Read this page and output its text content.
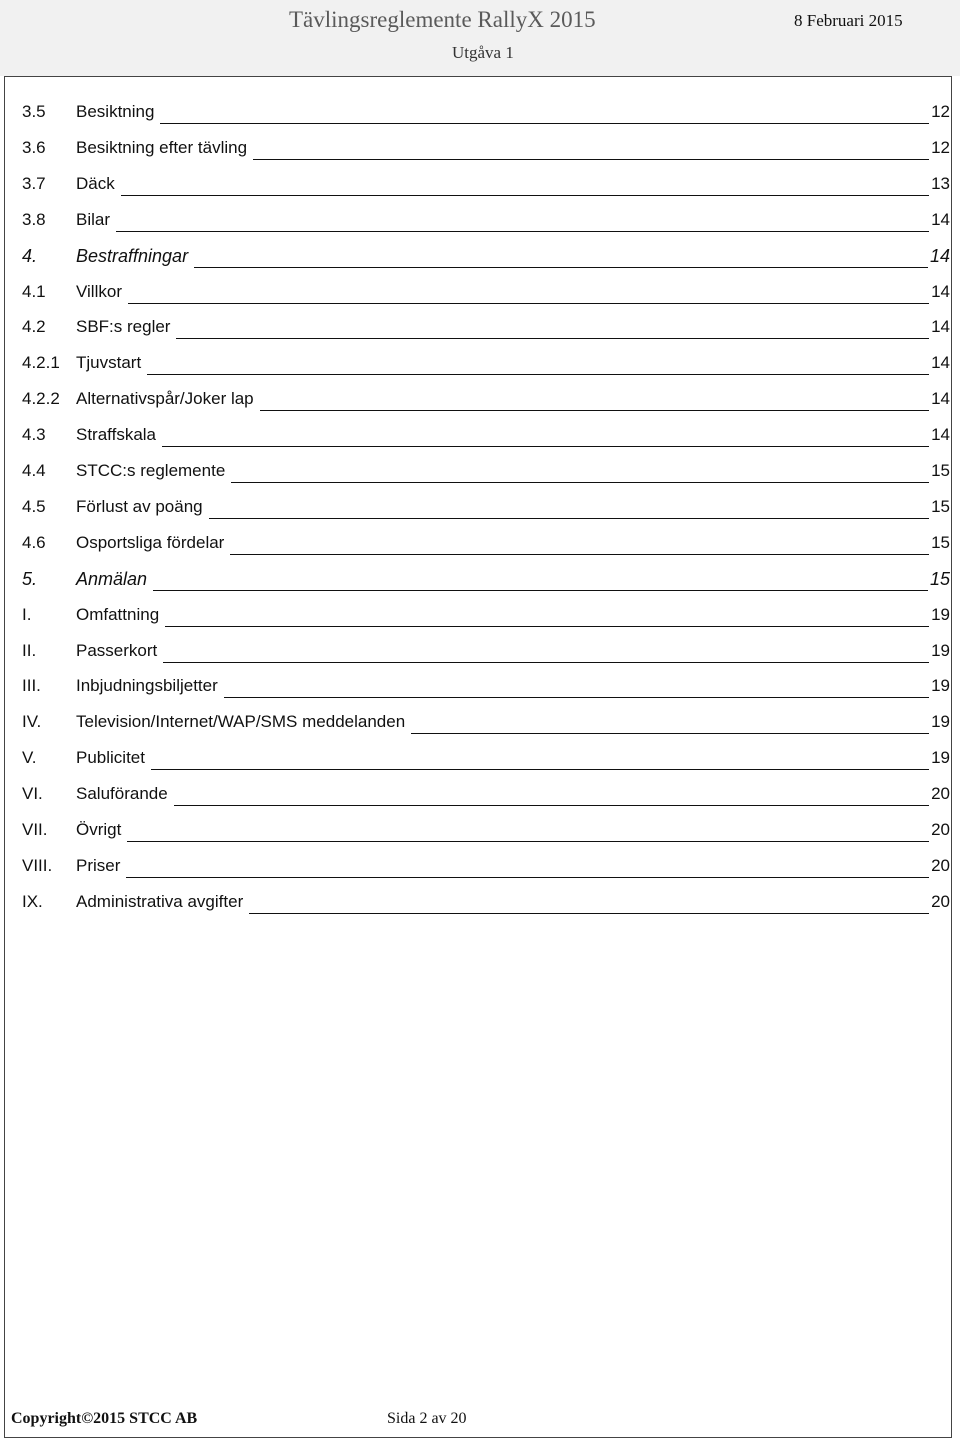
Tävlingsreglemente RallyX 2015	8 Februari 2015
Utgåva 1
3.5 Besiktning	12
3.6 Besiktning efter tävling	12
3.7 Däck	13
3.8 Bilar	14
4. Bestraffningar	14
4.1 Villkor	14
4.2 SBF:s regler	14
4.2.1 Tjuvstart	14
4.2.2 Alternativspår/Joker lap	14
4.3 Straffskala	14
4.4 STCC:s reglemente	15
4.5 Förlust av poäng	15
4.6 Osportsliga fördelar	15
5. Anmälan	15
I.	Omfattning	19
II. Passerkort	19
III. Inbjudningsbiljetter	19
IV. Television/Internet/WAP/SMS meddelanden	19
V. Publicitet	19
VI. Saluförande	20
VII. Övrigt	20
VIII. Priser	20
IX. Administrativa avgifter	20
Copyright©2015 STCC AB	Sida 2 av 20
